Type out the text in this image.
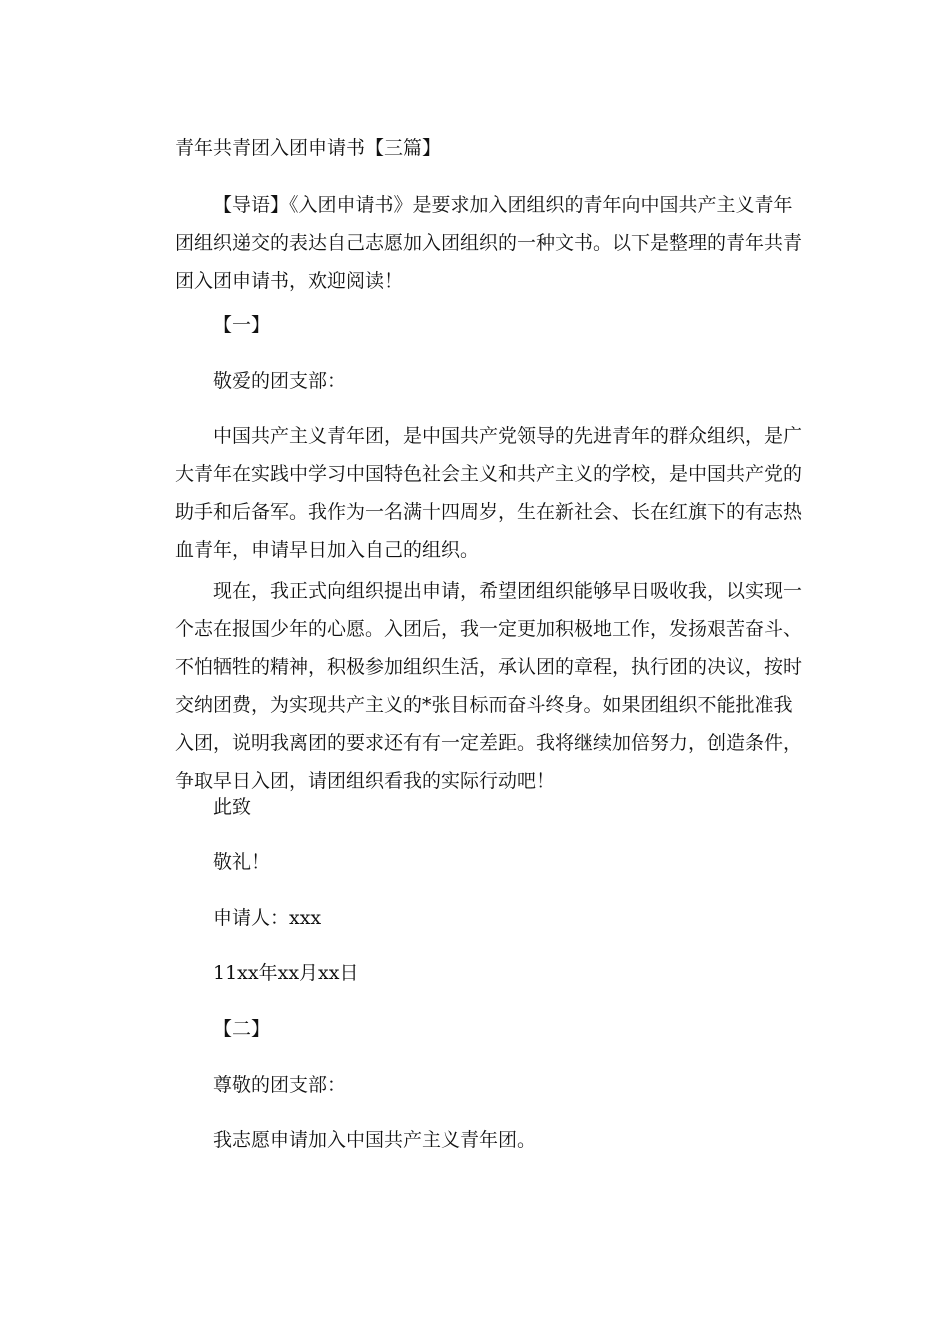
青年共青团入团申请书【三篇】
【导语】《入团申请书》是要求加入团组织的青年向中国共产主义青年团组织递交的表达自己志愿加入团组织的一种文书。以下是整理的青年共青团入团申请书，欢迎阅读！
【一】
敬爱的团支部：
中国共产主义青年团，是中国共产党领导的先进青年的群众组织，是广大青年在实践中学习中国特色社会主义和共产主义的学校，是中国共产党的助手和后备军。我作为一名满十四周岁，生在新社会、长在红旗下的有志热血青年，申请早日加入自己的组织。
现在，我正式向组织提出申请，希望团组织能够早日吸收我，以实现一个志在报国少年的心愿。入团后，我一定更加积极地工作，发扬艰苦奋斗、不怕牺牲的精神，积极参加组织生活，承认团的章程，执行团的决议，按时交纳团费，为实现共产主义的*张目标而奋斗终身。如果团组织不能批准我入团，说明我离团的要求还有有一定差距。我将继续加倍努力，创造条件，争取早日入团，请团组织看我的实际行动吧！
此致
敬礼！
申请人：xxx
11xx年xx月xx日
【二】
尊敬的团支部：
我志愿申请加入中国共产主义青年团。
